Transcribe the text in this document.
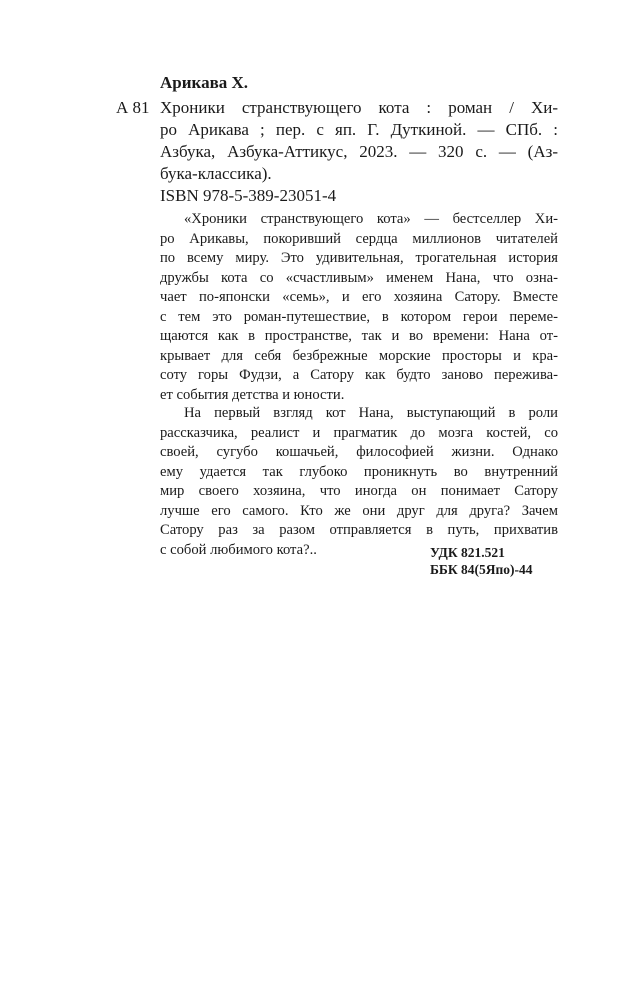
Арикава Х.
А 81 Хроники странствующего кота : роман / Хи-
ро Арикава ; пер. с яп. Г. Дуткиной. — СПб. :
Азбука, Азбука-Аттикус, 2023. — 320 с. — (Аз-
бука-классика).
ISBN 978-5-389-23051-4
«Хроники странствующего кота» — бестселлер Хи-
ро Арикавы, покоривший сердца миллионов читателей
по всему миру. Это удивительная, трогательная история
дружбы кота со «счастливым» именем Нана, что озна-
чает по-японски «семь», и его хозяина Сатору. Вместе
с тем это роман-путешествие, в котором герои переме-
щаются как в пространстве, так и во времени: Нана от-
крывает для себя безбрежные морские просторы и кра-
соту горы Фудзи, а Сатору как будто заново пережива-
ет события детства и юности.
На первый взгляд кот Нана, выступающий в роли
рассказчика, реалист и прагматик до мозга костей, со
своей, сугубо кошачьей, философией жизни. Однако
ему удается так глубоко проникнуть во внутренний
мир своего хозяина, что иногда он понимает Сатору
лучше его самого. Кто же они друг для друга? Зачем
Сатору раз за разом отправляется в путь, прихватив
с собой любимого кота?..	УДК 821.521
ББК 84(5Япо)-44
